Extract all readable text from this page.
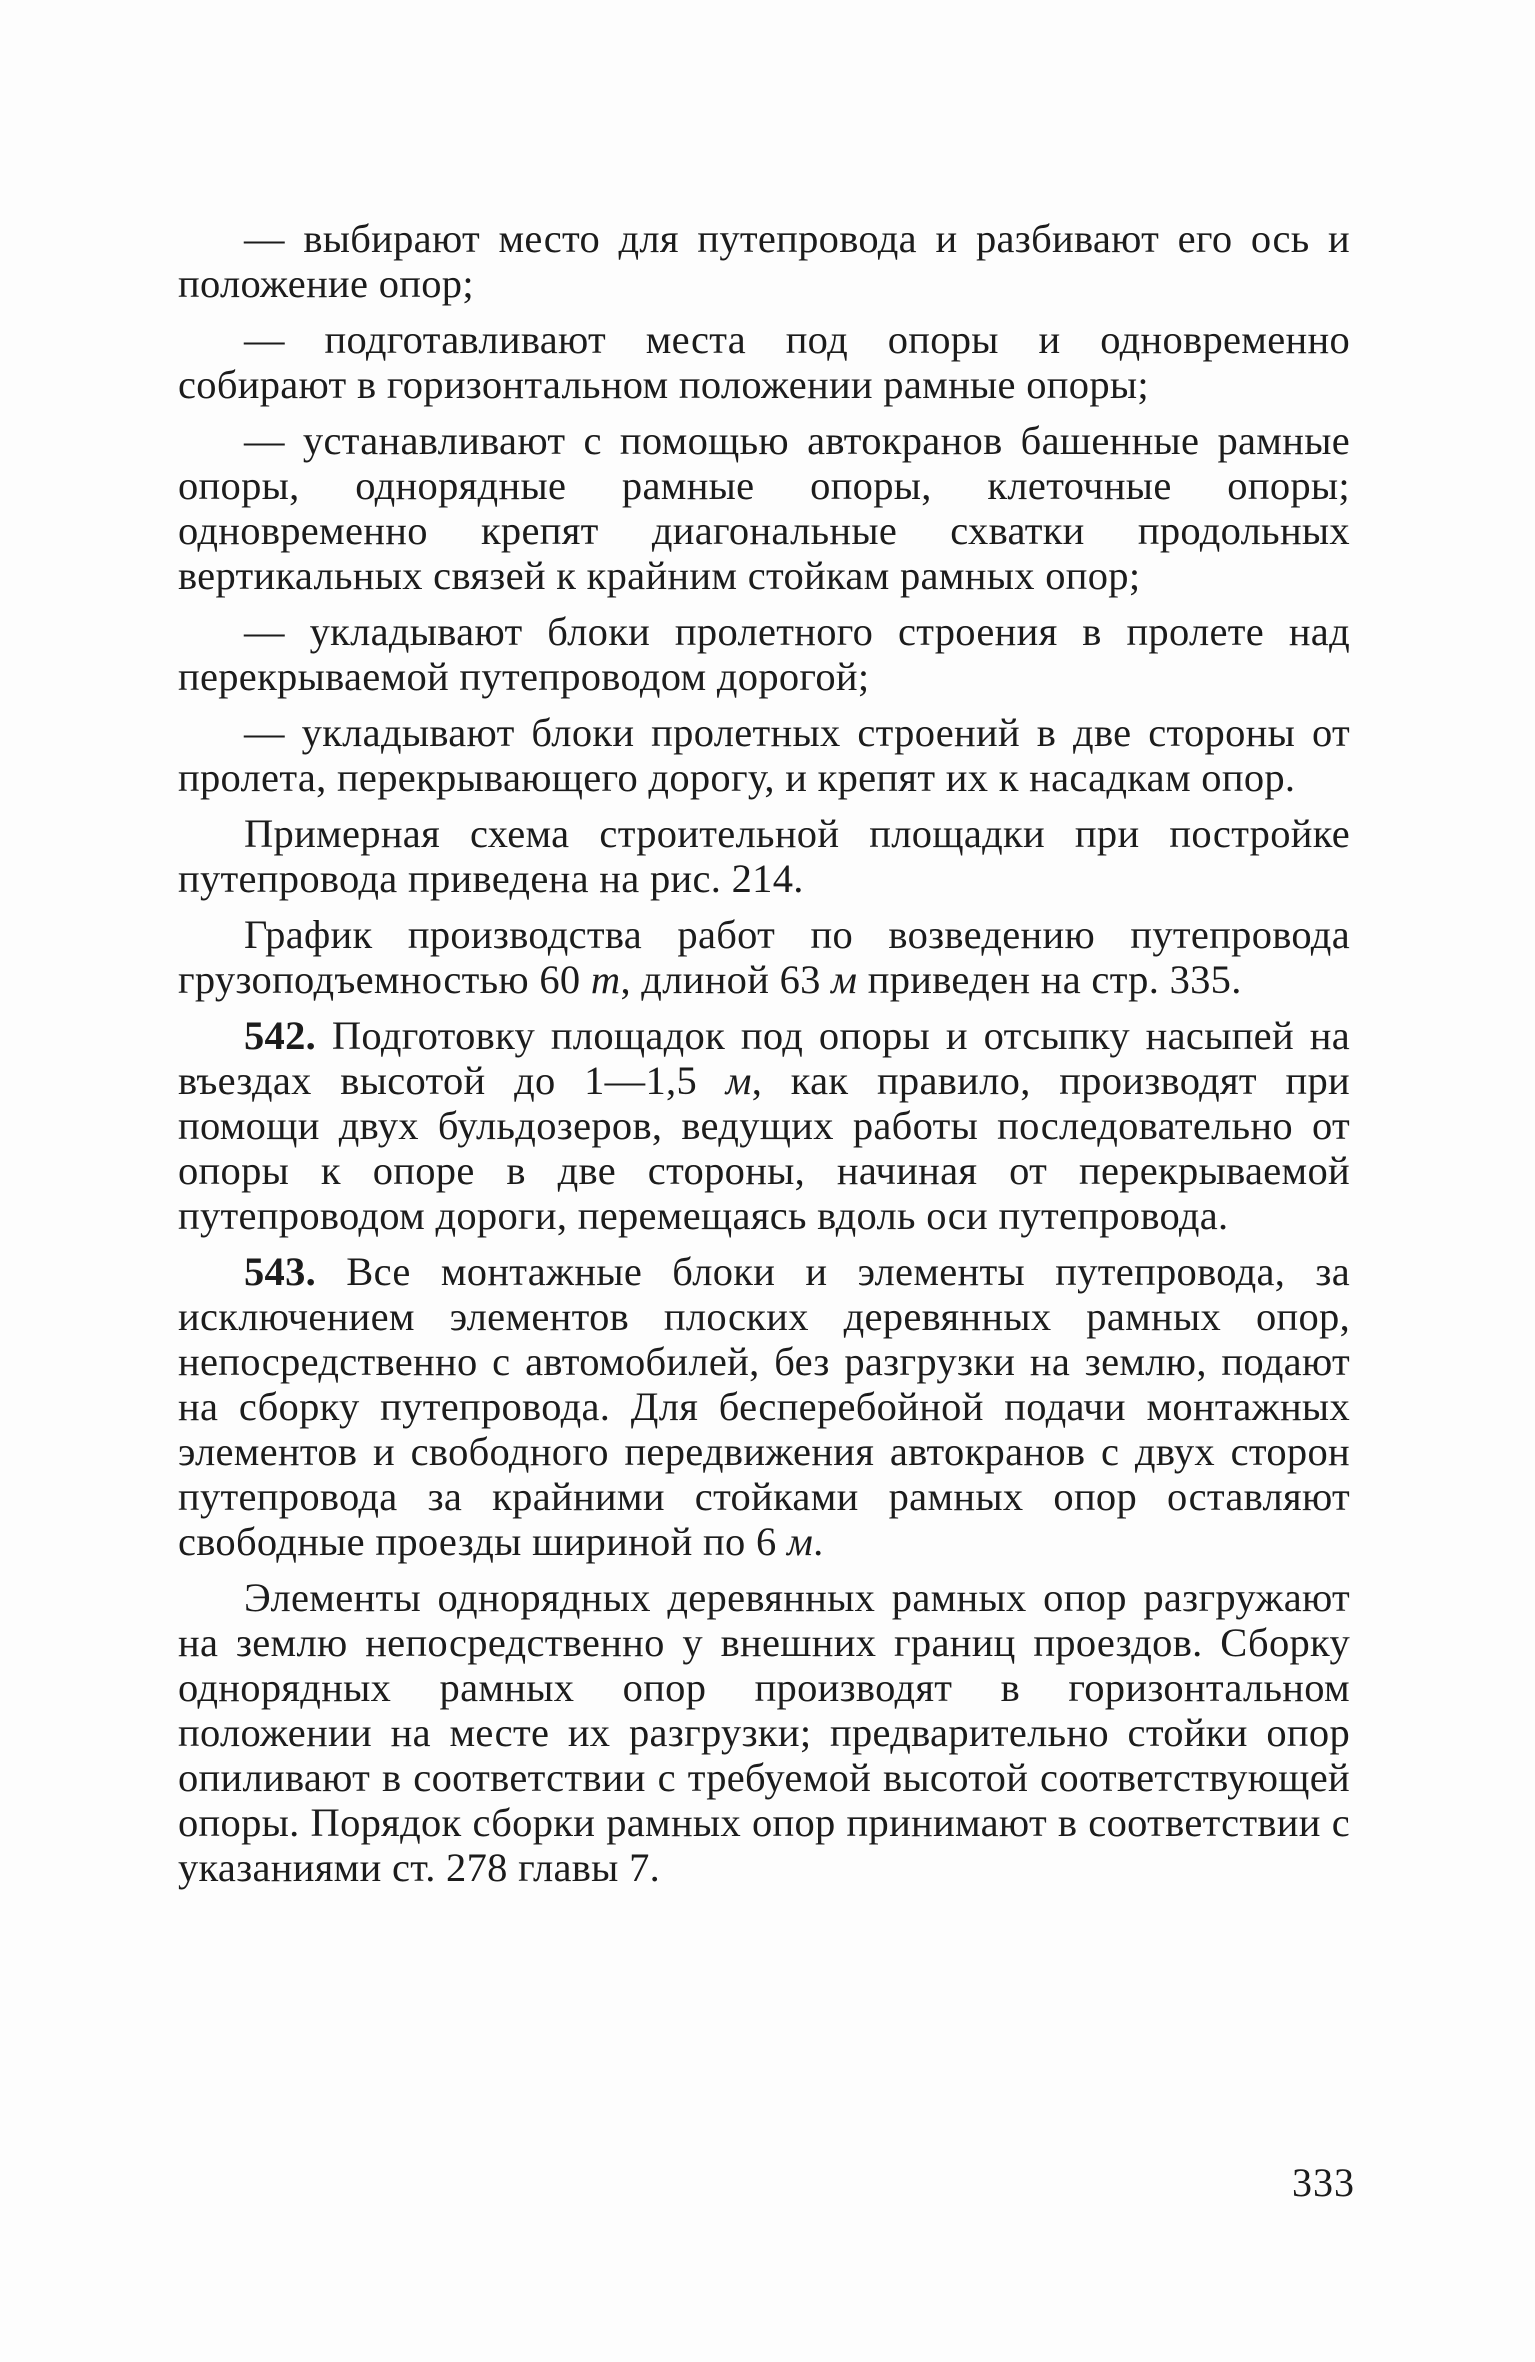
— выбирают место для путепровода и разбивают его ось и положение опор;

— подготавливают места под опоры и одновременно собирают в горизонтальном положении рамные опоры;

— устанавливают с помощью автокранов башенные рамные опоры, однорядные рамные опоры, клеточные опоры; одновременно крепят диагональные схватки продольных вертикальных связей к крайним стойкам рамных опор;

— укладывают блоки пролетного строения в пролете над перекрываемой путепроводом дорогой;

— укладывают блоки пролетных строений в две стороны от пролета, перекрывающего дорогу, и крепят их к насадкам опор.

Примерная схема строительной площадки при постройке путепровода приведена на рис. 214.

График производства работ по возведению путепровода грузоподъемностью 60 т, длиной 63 м приведен на стр. 335.

542. Подготовку площадок под опоры и отсыпку насыпей на въездах высотой до 1—1,5 м, как правило, производят при помощи двух бульдозеров, ведущих работы последовательно от опоры к опоре в две стороны, начиная от перекрываемой путепроводом дороги, перемещаясь вдоль оси путепровода.

543. Все монтажные блоки и элементы путепровода, за исключением элементов плоских деревянных рамных опор, непосредственно с автомобилей, без разгрузки на землю, подают на сборку путепровода. Для бесперебойной подачи монтажных элементов и свободного передвижения автокранов с двух сторон путепровода за крайними стойками рамных опор оставляют свободные проезды шириной по 6 м.

Элементы однорядных деревянных рамных опор разгружают на землю непосредственно у внешних границ проездов. Сборку однорядных рамных опор производят в горизонтальном положении на месте их разгрузки; предварительно стойки опор опиливают в соответствии с требуемой высотой соответствующей опоры. Порядок сборки рамных опор принимают в соответствии с указаниями ст. 278 главы 7.

333
